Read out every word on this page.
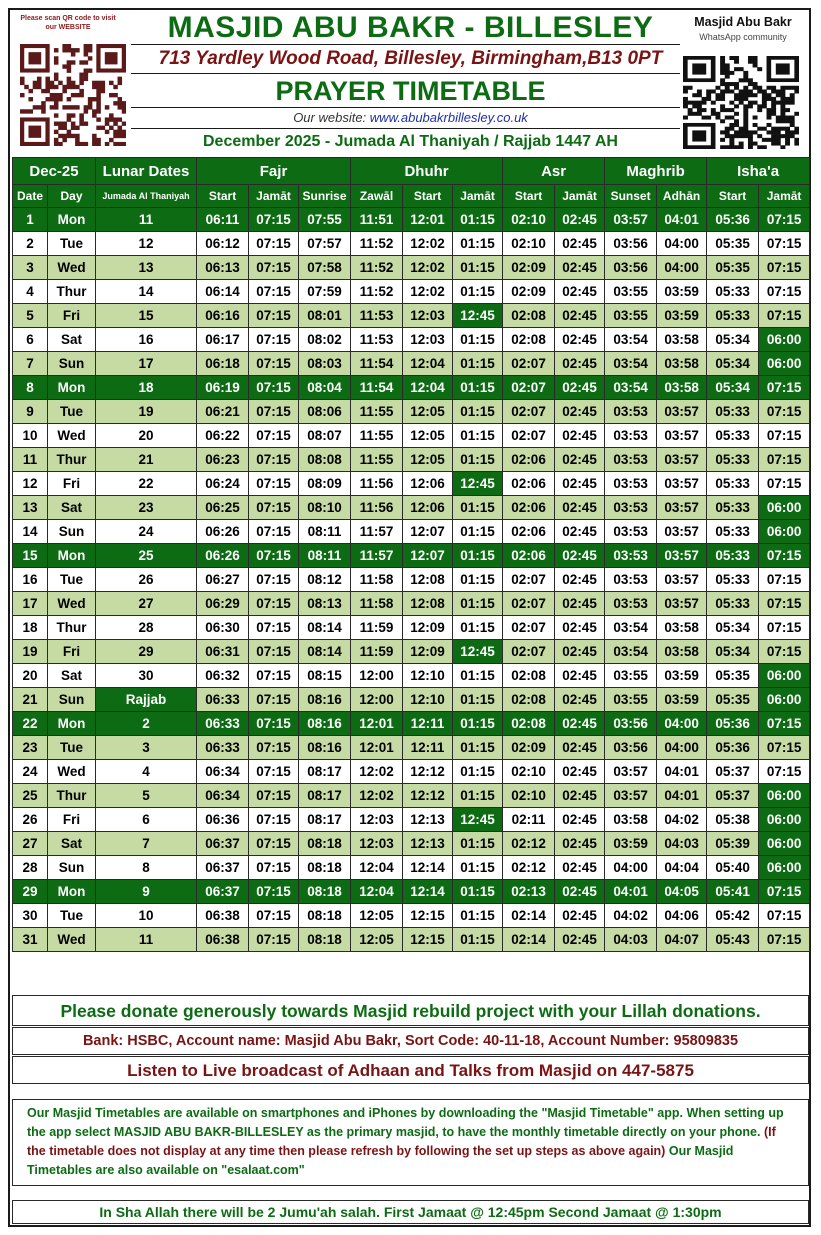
Please scan QR code to visit our WEBSITE	MASJID ABU BAKR - BILLESLEY
713 Yardley Wood Road, Billesley, Birmingham,B13 0PT
PRAYER TIMETABLE
Our website: www.abubakrbillesley.co.uk
Masjid Abu Bakr
WhatsApp community
December 2025 - Jumada Al Thaniyah / Rajjab 1447 AH
Dec-25		Lunar Dates	Fajr			Dhuhr			Asr		Maghrib		Isha'a	
Date	Day	Jumada Al Thaniyah	Start	Jamāt	Sunrise	Zawāl	Start	Jamāt	Start	Jamāt	Sunset	Adhān	Start	Jamāt
1	Mon	11	06:11	07:15	07:55	11:51	12:01	01:15	02:10	02:45	03:57	04:01	05:36	07:15
2	Tue	12	06:12	07:15	07:57	11:52	12:02	01:15	02:10	02:45	03:56	04:00	05:35	07:15
3	Wed	13	06:13	07:15	07:58	11:52	12:02	01:15	02:09	02:45	03:56	04:00	05:35	07:15
4	Thur	14	06:14	07:15	07:59	11:52	12:02	01:15	02:09	02:45	03:55	03:59	05:33	07:15
5	Fri	15	06:16	07:15	08:01	11:53	12:03	12:45	02:08	02:45	03:55	03:59	05:33	07:15
6	Sat	16	06:17	07:15	08:02	11:53	12:03	01:15	02:08	02:45	03:54	03:58	05:34	06:00
7	Sun	17	06:18	07:15	08:03	11:54	12:04	01:15	02:07	02:45	03:54	03:58	05:34	06:00
8	Mon	18	06:19	07:15	08:04	11:54	12:04	01:15	02:07	02:45	03:54	03:58	05:34	07:15
9	Tue	19	06:21	07:15	08:06	11:55	12:05	01:15	02:07	02:45	03:53	03:57	05:33	07:15
10	Wed	20	06:22	07:15	08:07	11:55	12:05	01:15	02:07	02:45	03:53	03:57	05:33	07:15
11	Thur	21	06:23	07:15	08:08	11:55	12:05	01:15	02:06	02:45	03:53	03:57	05:33	07:15
12	Fri	22	06:24	07:15	08:09	11:56	12:06	12:45	02:06	02:45	03:53	03:57	05:33	07:15
13	Sat	23	06:25	07:15	08:10	11:56	12:06	01:15	02:06	02:45	03:53	03:57	05:33	06:00
14	Sun	24	06:26	07:15	08:11	11:57	12:07	01:15	02:06	02:45	03:53	03:57	05:33	06:00
15	Mon	25	06:26	07:15	08:11	11:57	12:07	01:15	02:06	02:45	03:53	03:57	05:33	07:15
16	Tue	26	06:27	07:15	08:12	11:58	12:08	01:15	02:07	02:45	03:53	03:57	05:33	07:15
17	Wed	27	06:29	07:15	08:13	11:58	12:08	01:15	02:07	02:45	03:53	03:57	05:33	07:15
18	Thur	28	06:30	07:15	08:14	11:59	12:09	01:15	02:07	02:45	03:54	03:58	05:34	07:15
19	Fri	29	06:31	07:15	08:14	11:59	12:09	12:45	02:07	02:45	03:54	03:58	05:34	07:15
20	Sat	30	06:32	07:15	08:15	12:00	12:10	01:15	02:08	02:45	03:55	03:59	05:35	06:00
21	Sun	Rajjab	06:33	07:15	08:16	12:00	12:10	01:15	02:08	02:45	03:55	03:59	05:35	06:00
22	Mon	2	06:33	07:15	08:16	12:01	12:11	01:15	02:08	02:45	03:56	04:00	05:36	07:15
23	Tue	3	06:33	07:15	08:16	12:01	12:11	01:15	02:09	02:45	03:56	04:00	05:36	07:15
24	Wed	4	06:34	07:15	08:17	12:02	12:12	01:15	02:10	02:45	03:57	04:01	05:37	07:15
25	Thur	5	06:34	07:15	08:17	12:02	12:12	01:15	02:10	02:45	03:57	04:01	05:37	06:00
26	Fri	6	06:36	07:15	08:17	12:03	12:13	12:45	02:11	02:45	03:58	04:02	05:38	06:00
27	Sat	7	06:37	07:15	08:18	12:03	12:13	01:15	02:12	02:45	03:59	04:03	05:39	06:00
28	Sun	8	06:37	07:15	08:18	12:04	12:14	01:15	02:12	02:45	04:00	04:04	05:40	06:00
29	Mon	9	06:37	07:15	08:18	12:04	12:14	01:15	02:13	02:45	04:01	04:05	05:41	07:15
30	Tue	10	06:38	07:15	08:18	12:05	12:15	01:15	02:14	02:45	04:02	04:06	05:42	07:15
31	Wed	11	06:38	07:15	08:18	12:05	12:15	01:15	02:14	02:45	04:03	04:07	05:43	07:15
Please donate generously towards Masjid rebuild project with your Lillah donations.
Bank: HSBC, Account name: Masjid Abu Bakr, Sort Code: 40-11-18, Account Number: 95809835
Listen to Live broadcast of Adhaan and Talks from Masjid on 447-5875
Our Masjid Timetables are available on smartphones and iPhones by downloading the "Masjid Timetable" app. When setting up the app select MASJID ABU BAKR-BILLESLEY as the primary masjid, to have the monthly timetable directly on your phone. (If the timetable does not display at any time then please refresh by following the set up steps as above again) Our Masjid Timetables are also available on "esalaat.com"
In Sha Allah there will be 2 Jumu'ah salah. First Jamaat @ 12:45pm Second Jamaat @ 1:30pm
